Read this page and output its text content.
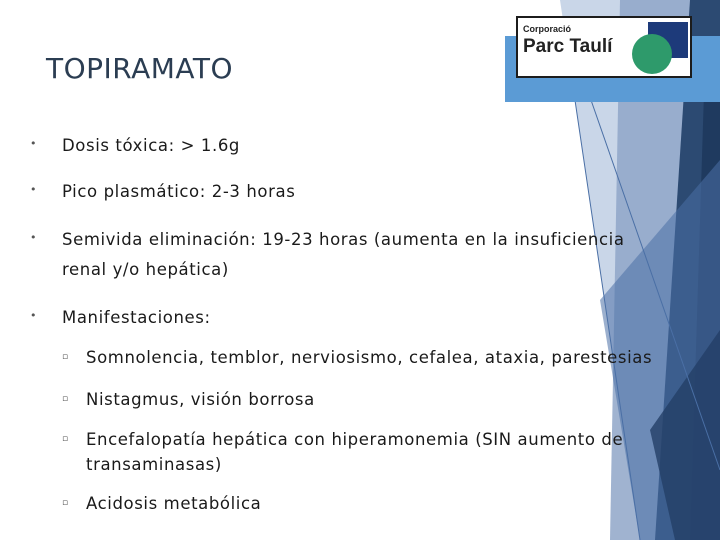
TOPIRAMATO
Corporació
Parc Taulí
• Dosis tóxica: > 1.6g
• Pico plasmático: 2-3 horas
• Semivida eliminación: 19-23 horas (aumenta en la insuficiencia
renal y/o hepática)
• Manifestaciones:
▫ Somnolencia, temblor, nerviosismo, cefalea, ataxia, parestesias
▫ Nistagmus, visión borrosa
▫ Encefalopatía hepática con hiperamonemia (SIN aumento de
transaminasas)
▫ Acidosis metabólica
